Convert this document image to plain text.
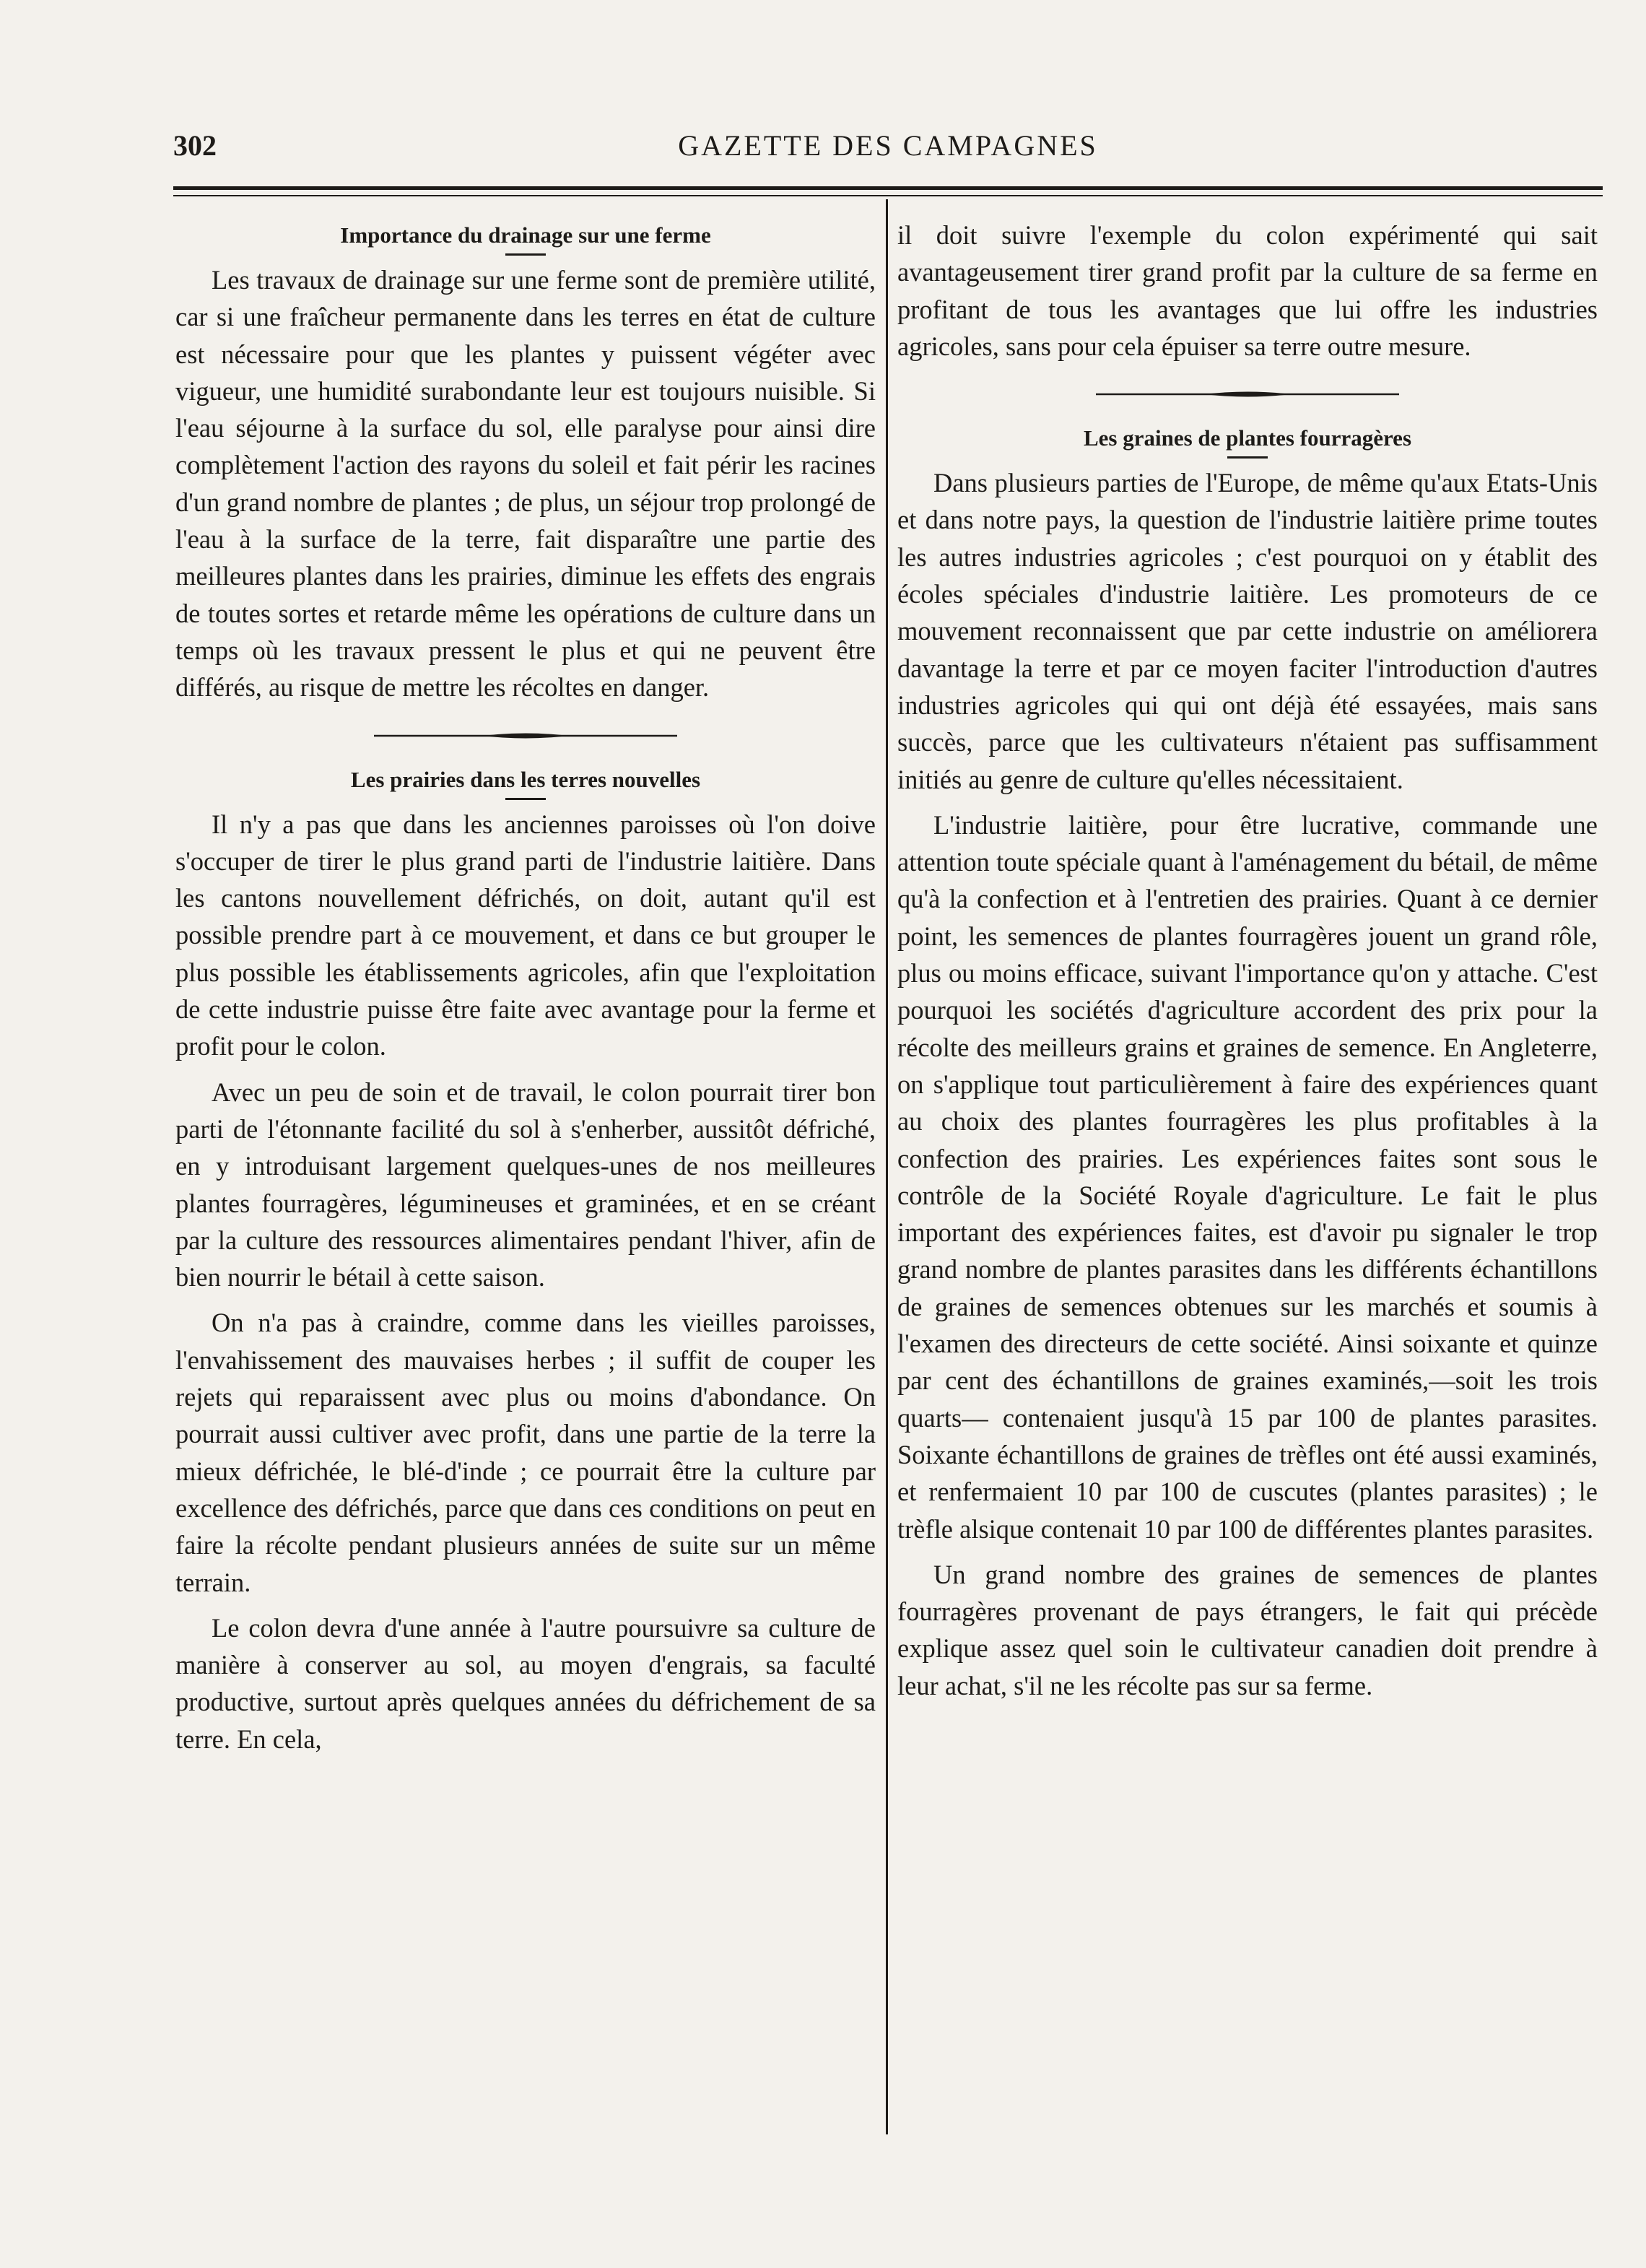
302	GAZETTE DES CAMPAGNES
Importance du drainage sur une ferme

Les travaux de drainage sur une ferme sont de première utilité, car si une fraîcheur permanente dans les terres en état de culture est nécessaire pour que les plantes y puissent végéter avec vigueur, une humidité surabondante leur est toujours nuisible. Si l'eau séjourne à la surface du sol, elle paralyse pour ainsi dire complètement l'action des rayons du soleil et fait périr les racines d'un grand nombre de plantes ; de plus, un séjour trop prolongé de l'eau à la surface de la terre, fait disparaître une partie des meilleures plantes dans les prairies, diminue les effets des engrais de toutes sortes et retarde même les opérations de culture dans un temps où les travaux pressent le plus et qui ne peuvent être différés, au risque de mettre les récoltes en danger.

Les prairies dans les terres nouvelles

Il n'y a pas que dans les anciennes paroisses où l'on doive s'occuper de tirer le plus grand parti de l'industrie laitière. Dans les cantons nouvellement défrichés, on doit, autant qu'il est possible prendre part à ce mouvement, et dans ce but grouper le plus possible les établissements agricoles, afin que l'exploitation de cette industrie puisse être faite avec avantage pour la ferme et profit pour le colon.

Avec un peu de soin et de travail, le colon pourrait tirer bon parti de l'étonnante facilité du sol à s'enherber, aussitôt défriché, en y introduisant largement quelques-unes de nos meilleures plantes fourragères, légumineuses et graminées, et en se créant par la culture des ressources alimentaires pendant l'hiver, afin de bien nourrir le bétail à cette saison.

On n'a pas à craindre, comme dans les vieilles paroisses, l'envahissement des mauvaises herbes ; il suffit de couper les rejets qui reparaissent avec plus ou moins d'abondance. On pourrait aussi cultiver avec profit, dans une partie de la terre la mieux défrichée, le blé-d'inde ; ce pourrait être la culture par excellence des défrichés, parce que dans ces conditions on peut en faire la récolte pendant plusieurs années de suite sur un même terrain.

Le colon devra d'une année à l'autre poursuivre sa culture de manière à conserver au sol, au moyen d'engrais, sa faculté productive, surtout après quelques années du défrichement de sa terre. En cela,

il doit suivre l'exemple du colon expérimenté qui sait avantageusement tirer grand profit par la culture de sa ferme en profitant de tous les avantages que lui offre les industries agricoles, sans pour cela épuiser sa terre outre mesure.

Les graines de plantes fourragères

Dans plusieurs parties de l'Europe, de même qu'aux Etats-Unis et dans notre pays, la question de l'industrie laitière prime toutes les autres industries agricoles ; c'est pourquoi on y établit des écoles spéciales d'industrie laitière. Les promoteurs de ce mouvement reconnaissent que par cette industrie on améliorera davantage la terre et par ce moyen faciter l'introduction d'autres industries agricoles qui qui ont déjà été essayées, mais sans succès, parce que les cultivateurs n'étaient pas suffisamment initiés au genre de culture qu'elles nécessitaient.

L'industrie laitière, pour être lucrative, commande une attention toute spéciale quant à l'aménagement du bétail, de même qu'à la confection et à l'entretien des prairies. Quant à ce dernier point, les semences de plantes fourragères jouent un grand rôle, plus ou moins efficace, suivant l'importance qu'on y attache. C'est pourquoi les sociétés d'agriculture accordent des prix pour la récolte des meilleurs grains et graines de semence. En Angleterre, on s'applique tout particulièrement à faire des expériences quant au choix des plantes fourragères les plus profitables à la confection des prairies. Les expériences faites sont sous le contrôle de la Société Royale d'agriculture. Le fait le plus important des expériences faites, est d'avoir pu signaler le trop grand nombre de plantes parasites dans les différents échantillons de graines de semences obtenues sur les marchés et soumis à l'examen des directeurs de cette société. Ainsi soixante et quinze par cent des échantillons de graines examinés,—soit les trois quarts— contenaient jusqu'à 15 par 100 de plantes parasites. Soixante échantillons de graines de trèfles ont été aussi examinés, et renfermaient 10 par 100 de cuscutes (plantes parasites) ; le trèfle alsique contenait 10 par 100 de différentes plantes parasites.

Un grand nombre des graines de semences de plantes fourragères provenant de pays étrangers, le fait qui précède explique assez quel soin le cultivateur canadien doit prendre à leur achat, s'il ne les récolte pas sur sa ferme.
